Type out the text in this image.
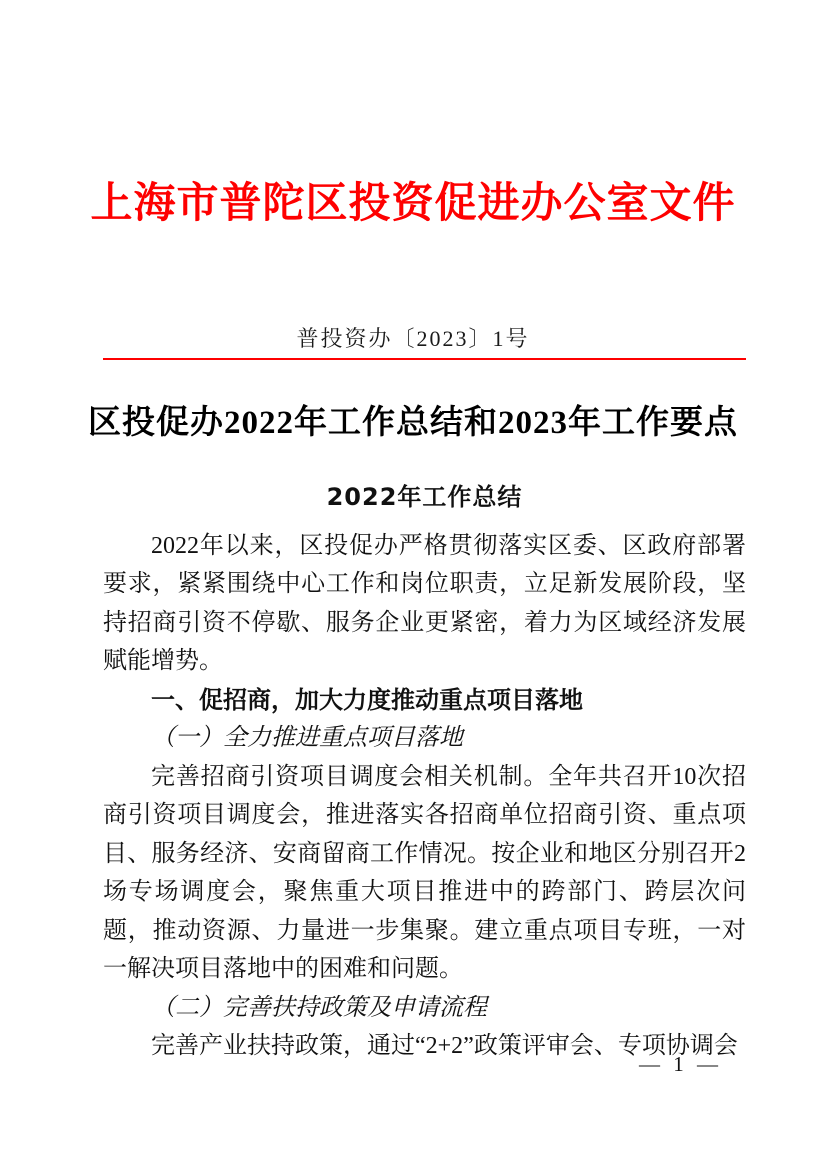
上海市普陀区投资促进办公室文件
普投资办〔2023〕1号
区投促办2022年工作总结和2023年工作要点
2022年工作总结
2022年以来，区投促办严格贯彻落实区委、区政府部署要求，紧紧围绕中心工作和岗位职责，立足新发展阶段，坚持招商引资不停歇、服务企业更紧密，着力为区域经济发展赋能增势。
一、促招商，加大力度推动重点项目落地
（一）全力推进重点项目落地
完善招商引资项目调度会相关机制。全年共召开10次招商引资项目调度会，推进落实各招商单位招商引资、重点项目、服务经济、安商留商工作情况。按企业和地区分别召开2场专场调度会，聚焦重大项目推进中的跨部门、跨层次问题，推动资源、力量进一步集聚。建立重点项目专班，一对一解决项目落地中的困难和问题。
（二）完善扶持政策及申请流程
完善产业扶持政策，通过“2+2”政策评审会、专项协调会
— 1 —
